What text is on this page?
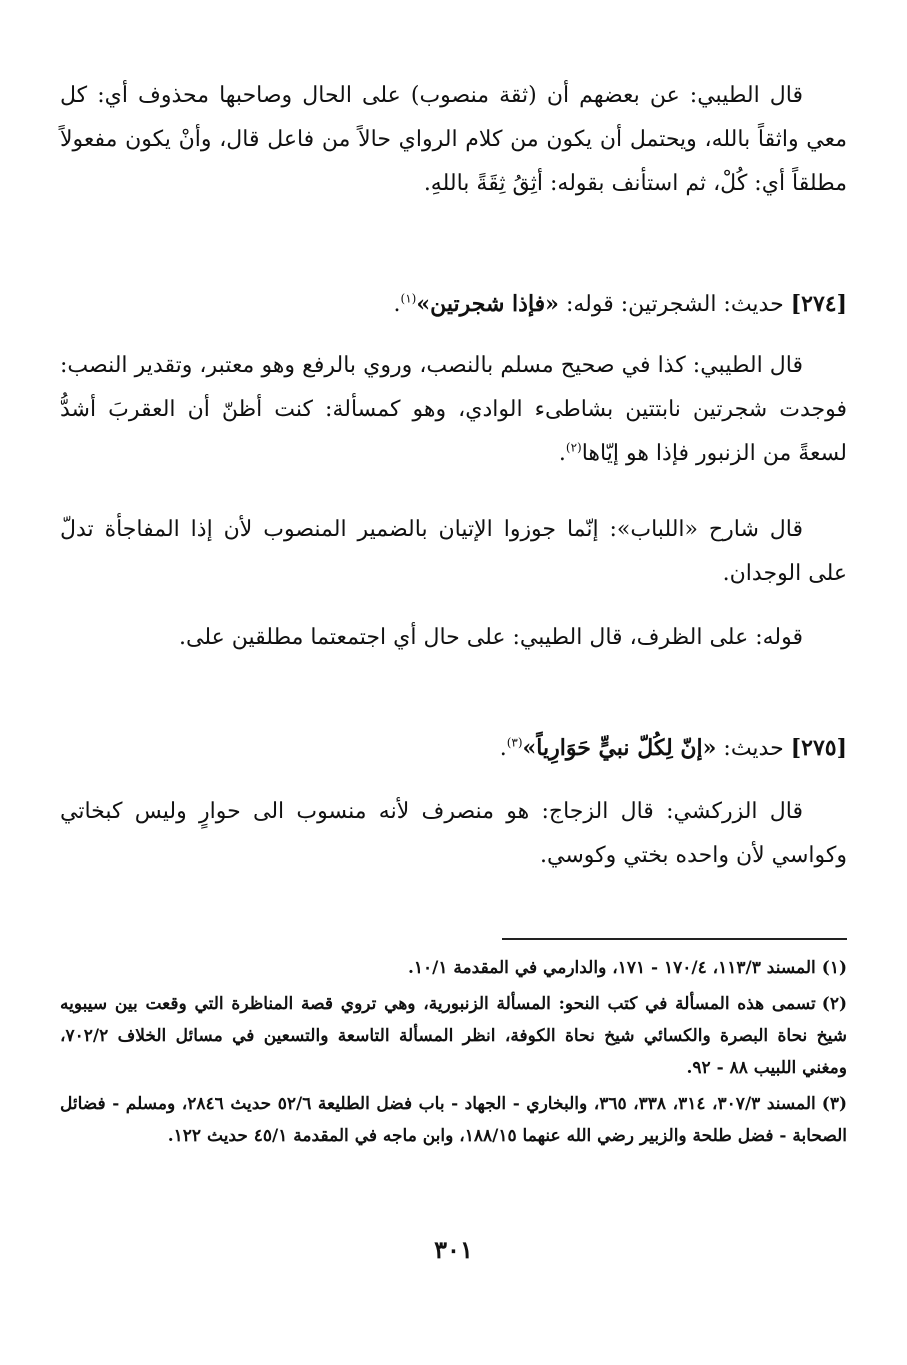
قال الطيبي: عن بعضهم أن (ثقة منصوب) على الحال وصاحبها محذوف أي: كل معي واثقاً بالله، ويحتمل أن يكون من كلام الرواي حالاً من فاعل قال، وأنْ يكون مفعولاً مطلقاً أي: كُلْ، ثم استأنف بقوله: أثِقُ ثِقَةً باللهِ.

[٢٧٤] حديث: الشجرتين: قوله: «فإذا شجرتين»$^{(١)}$.

قال الطيبي: كذا في صحيح مسلم بالنصب، وروي بالرفع وهو معتبر، وتقدير النصب: فوجدت شجرتين نابتتين بشاطىء الوادي، وهو كمسألة: كنت أظنّ أن العقربَ أشدُّ لسعةً من الزنبور فإذا هو إيّاها$^{(٢)}$.

قال شارح «اللباب»: إنّما جوزوا الإتيان بالضمير المنصوب لأن إذا المفاجأة تدلّ على الوجدان.

قوله: على الظرف، قال الطيبي: على حال أي اجتمعتما مطلقين على.

[٢٧٥] حديث: «إنّ لِكُلّ نبيٍّ حَوَارِياً»$^{(٣)}$.

قال الزركشي: قال الزجاج: هو منصرف لأنه منسوب الى حوارٍ وليس كبخاتي وكواسي لأن واحده بختي وكوسي.

(١)المسند ١١٣/٣، ١٧٠/٤ - ١٧١، والدارمي في المقدمة ١٠/١.

(٢)تسمى هذه المسألة في كتب النحو: المسألة الزنبورية، وهي تروي قصة المناظرة التي وقعت بين سيبويه شيخ نحاة البصرة والكسائي شيخ نحاة الكوفة، انظر المسألة التاسعة والتسعين في مسائل الخلاف ٧٠٢/٢، ومغني اللبيب ٨٨ - ٩٢.

(٣)المسند ٣٠٧/٣، ٣١٤، ٣٣٨، ٣٦٥، والبخاري - الجهاد - باب فضل الطليعة ٥٢/٦ حديث ٢٨٤٦، ومسلم - فضائل الصحابة - فضل طلحة والزبير رضي الله عنهما ١٨٨/١٥، وابن ماجه في المقدمة ٤٥/١ حديث ١٢٢.

٣٠١
